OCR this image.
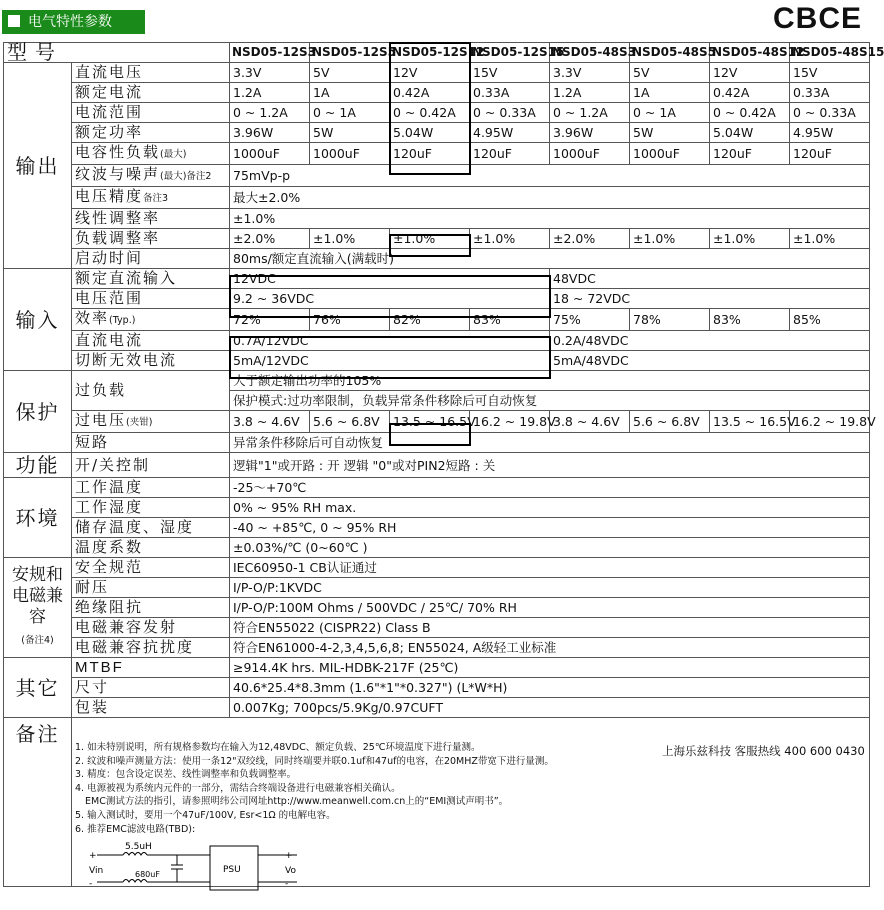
电气特性参数	CBCE
型号		NSD05-12S3	NSD05-12S5	NSD05-12S12	NSD05-12S15	NSD05-48S3	NSD05-48S5	NSD05-48S12	NSD05-48S15
输出	直流电压	3.3V	5V	12V	15V	3.3V	5V	12V	15V
	额定电流	1.2A	1A	0.42A	0.33A	1.2A	1A	0.42A	0.33A
	电流范围	0 ~ 1.2A	0 ~ 1A	0 ~ 0.42A	0 ~ 0.33A	0 ~ 1.2A	0 ~ 1A	0 ~ 0.42A	0 ~ 0.33A
	额定功率	3.96W	5W	5.04W	4.95W	3.96W	5W	5.04W	4.95W
	电容性负载(最大)	1000uF	1000uF	120uF	120uF	1000uF	1000uF	120uF	120uF
	纹波与噪声(最大)备注2	75mVp-p							
	电压精度备注3	最大±2.0%							
	线性调整率	±1.0%							
	负载调整率	±2.0%	±1.0%	±1.0%	±1.0%	±2.0%	±1.0%	±1.0%	±1.0%
	启动时间	80ms/额定直流输入(满载时)							
输入	额定直流输入	12VDC				48VDC			
	电压范围	9.2 ~ 36VDC				18 ~ 72VDC			
	效率(Typ.)	72%	76%	82%	83%	75%	78%	83%	85%
	直流电流	0.7A/12VDC				0.2A/48VDC			
	切断无效电流	5mA/12VDC				5mA/48VDC			
保护	过负载	大于额定输出功率的105%							
		保护模式:过功率限制，负载异常条件移除后可自动恢复							
	过电压(夹钳)	3.8 ~ 4.6V	5.6 ~ 6.8V	13.5 ~ 16.5V	16.2 ~ 19.8V	3.8 ~ 4.6V	5.6 ~ 6.8V	13.5 ~ 16.5V	16.2 ~ 19.8V
	短路	异常条件移除后可自动恢复							
功能	开/关控制	逻辑"1"或开路 : 开 逻辑 "0"或对PIN2短路 : 关							
环境	工作温度	-25～+70℃							
	工作湿度	0% ~ 95% RH max.							
	储存温度、湿度	-40 ~ +85℃, 0 ~ 95% RH							
	温度系数	±0.03%/℃ (0~60℃ )							
安规和
电磁兼容
(备注4)	安全规范	IEC60950-1 CB认证通过							
	耐压	I/P-O/P:1KVDC							
	绝缘阻抗	I/P-O/P:100M Ohms / 500VDC / 25℃/ 70% RH							
	电磁兼容发射	符合EN55022 (CISPR22) Class B							
	电磁兼容抗扰度	符合EN61000-4-2,3,4,5,6,8; EN55024, A级轻工业标准							
其它	MTBF	≥914.4K hrs. MIL-HDBK-217F (25℃)							
	尺寸	40.6*25.4*8.3mm (1.6"*1"*0.327") (L*W*H)							
	包装	0.007Kg; 700pcs/5.9Kg/0.97CUFT							
备注									
1. 如未特别说明，所有规格参数均在输入为12,48VDC、额定负载、25℃环境温度下进行量测。
2. 纹波和噪声测量方法：使用一条12"双绞线，同时终端要并联0.1uf和47uf的电容，在20MHZ带宽下进行量测。
3. 精度：包含设定误差、线性调整率和负载调整率。
4. 电源被视为系统内元件的一部分，需结合终端设备进行电磁兼容相关确认。
EMC测试方法的指引，请参照明纬公司网址http://www.meanwell.com.cn上的“EMI测试声明书”。
5. 输入测试时，要用一个47uF/100V, Esr<1Ω 的电解电容。
6. 推荐EMC滤波电路(TBD):
上海乐兹科技 客服热线 400 600 0430
5.5uH
680uF	PSU
Vin	Vo
+
-
+
-
